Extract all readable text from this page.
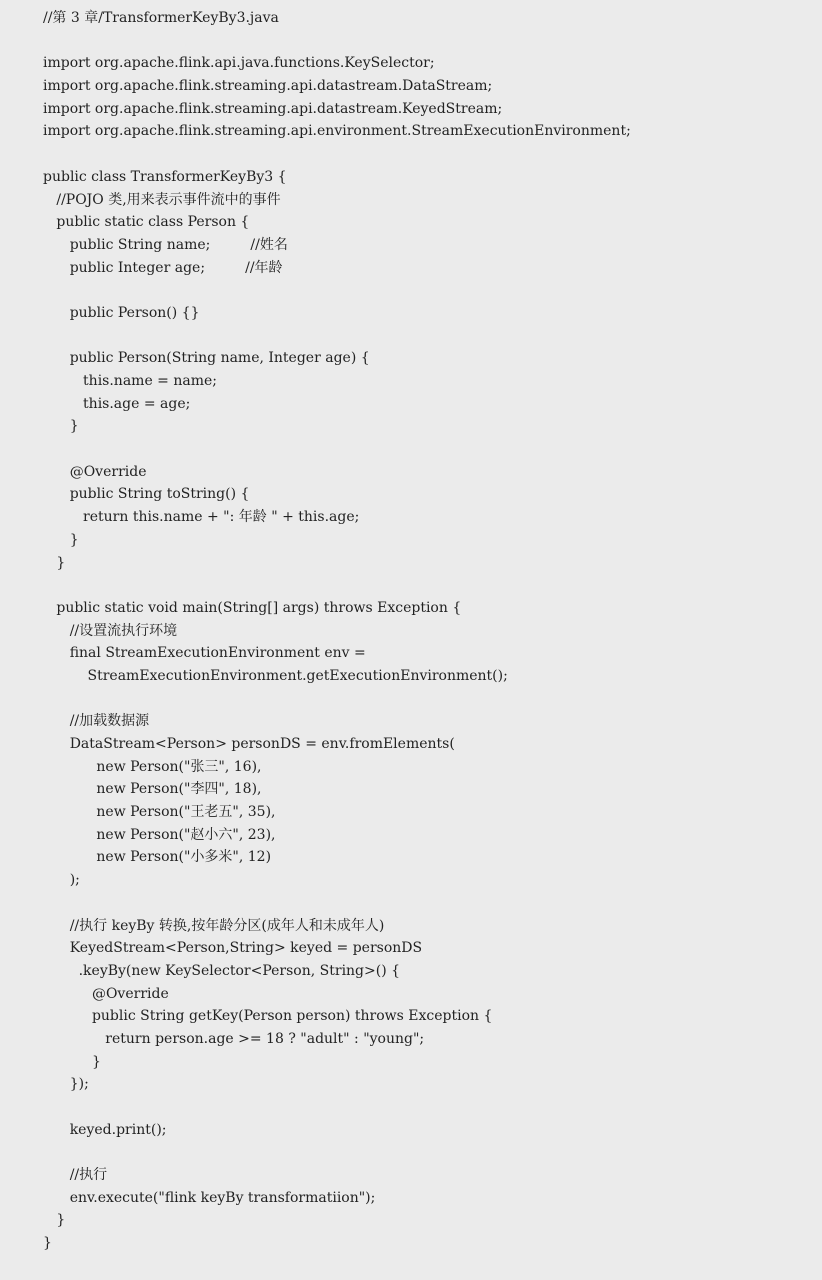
//第 3 章/TransformerKeyBy3.java
import org.apache.flink.api.java.functions.KeySelector;
import org.apache.flink.streaming.api.datastream.DataStream;
import org.apache.flink.streaming.api.datastream.KeyedStream;
import org.apache.flink.streaming.api.environment.StreamExecutionEnvironment;
public class TransformerKeyBy3 {
//POJO 类,用来表示事件流中的事件
public static class Person {
public String name;         //姓名
public Integer age;         //年龄
public Person() {}
public Person(String name, Integer age) {
this.name = name;
this.age = age;
}
@Override
public String toString() {
return this.name + ": 年龄 " + this.age;
}
}
public static void main(String[] args) throws Exception {
//设置流执行环境
final StreamExecutionEnvironment env =
StreamExecutionEnvironment.getExecutionEnvironment();
//加载数据源
DataStream<Person> personDS = env.fromElements(
new Person("张三", 16),
new Person("李四", 18),
new Person("王老五", 35),
new Person("赵小六", 23),
new Person("小多米", 12)
);
//执行 keyBy 转换,按年龄分区(成年人和未成年人)
KeyedStream<Person,String> keyed = personDS
.keyBy(new KeySelector<Person, String>() {
@Override
public String getKey(Person person) throws Exception {
return person.age >= 18 ? "adult" : "young";
}
});
keyed.print();
//执行
env.execute("flink keyBy transformatiion");
}
}
